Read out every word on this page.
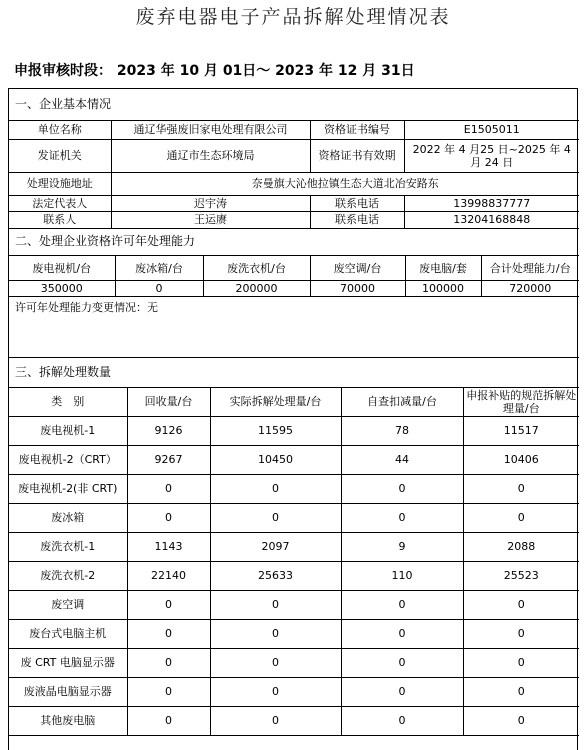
废弃电器电子产品拆解处理情况表
申报审核时段： 2023 年 10 月 01日～ 2023 年 12 月 31日
一、企业基本情况			
单位名称	通辽华强废旧家电处理有限公司	资格证书编号	E1505011
发证机关	通辽市生态环境局	资格证书有效期	2022 年 4 月25 日~2025 年 4 月 24 日
处理设施地址	奈曼旗大沁他拉镇生态大道北冶安路东		
法定代表人	迟宇涛	联系电话	13998837777
联系人	王运赓	联系电话	13204168848
二、处理企业资格许可年处理能力					
废电视机/台	废冰箱/台	废洗衣机/台	废空调/台	废电脑/套	合计处理能力/台
350000	0	200000	70000	100000	720000
许可年处理能力变更情况：无					
三、拆解处理数量				
类　别	回收量/台	实际拆解处理量/台	自查扣减量/台	申报补贴的规范拆解处理量/台
废电视机-1	9126	11595	78	11517
废电视机-2（CRT）	9267	10450	44	10406
废电视机-2(非 CRT)	0	0	0	0
废冰箱	0	0	0	0
废洗衣机-1	1143	2097	9	2088
废洗衣机-2	22140	25633	110	25523
废空调	0	0	0	0
废台式电脑主机	0	0	0	0
废 CRT 电脑显示器	0	0	0	0
废液晶电脑显示器	0	0	0	0
其他废电脑	0	0	0	0
